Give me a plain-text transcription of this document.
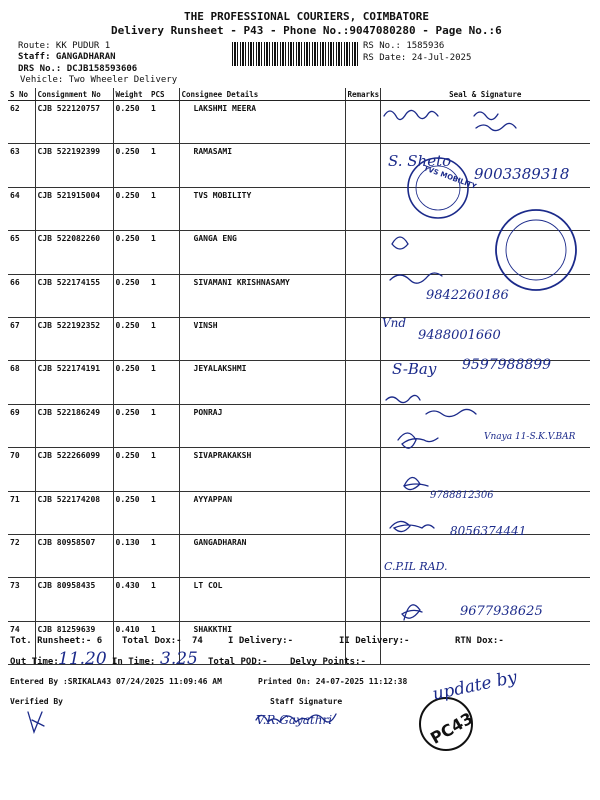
THE PROFESSIONAL COURIERS, COIMBATORE
Delivery Runsheet - P43 - Phone No.:9047080280 - Page No.:6
Route: KK PUDUR 1
Staff: GANGADHARAN
DRS No.: DCJB158593606
Vehicle: Two Wheeler Delivery
RS No.: 1585936
RS Date: 24-Jul-2025
S No	Consignment No	Weight	PCS	Consignee Details	Remarks	Seal & Signature
62	CJB 522120757	0.250	1	LAKSHMI MEERA		
63	CJB 522192399	0.250	1	RAMASAMI		
64	CJB 521915004	0.250	1	TVS MOBILITY		
65	CJB 522082260	0.250	1	GANGA ENG		
66	CJB 522174155	0.250	1	SIVAMANI KRISHNASAMY		
67	CJB 522192352	0.250	1	VINSH		
68	CJB 522174191	0.250	1	JEYALAKSHMI		
69	CJB 522186249	0.250	1	PONRAJ		
70	CJB 522266099	0.250	1	SIVAPRAKAKSH		
71	CJB 522174208	0.250	1	AYYAPPAN		
72	CJB 80958507	0.130	1	GANGADHARAN		
73	CJB 80958435	0.430	1	LT COL		
74	CJB 81259639	0.410	1	SHAKKTHI		
S. Sheto
9003389318
9842260186
Vnd
9488001660
S-Bay 9597988899
Vnaya 11-S.K.V.BAR
9788812306
8056374441
C.P.IL RAD.
9677938625
PC43
TVS MOBILITY
Tot. Runsheet:- 6 Total Dox:- 74	I Delivery:-	II Delivery:-	RTN Dox:-
Out Time: 11.20 In Time: 3.25 Total POD:- Delvy Points:-
Entered By :SRIKALA43 07/24/2025 11:09:46 AM	Printed On: 24-07-2025 11:12:38 update by
Verified By	Staff Signature
V.R.Gayathri
